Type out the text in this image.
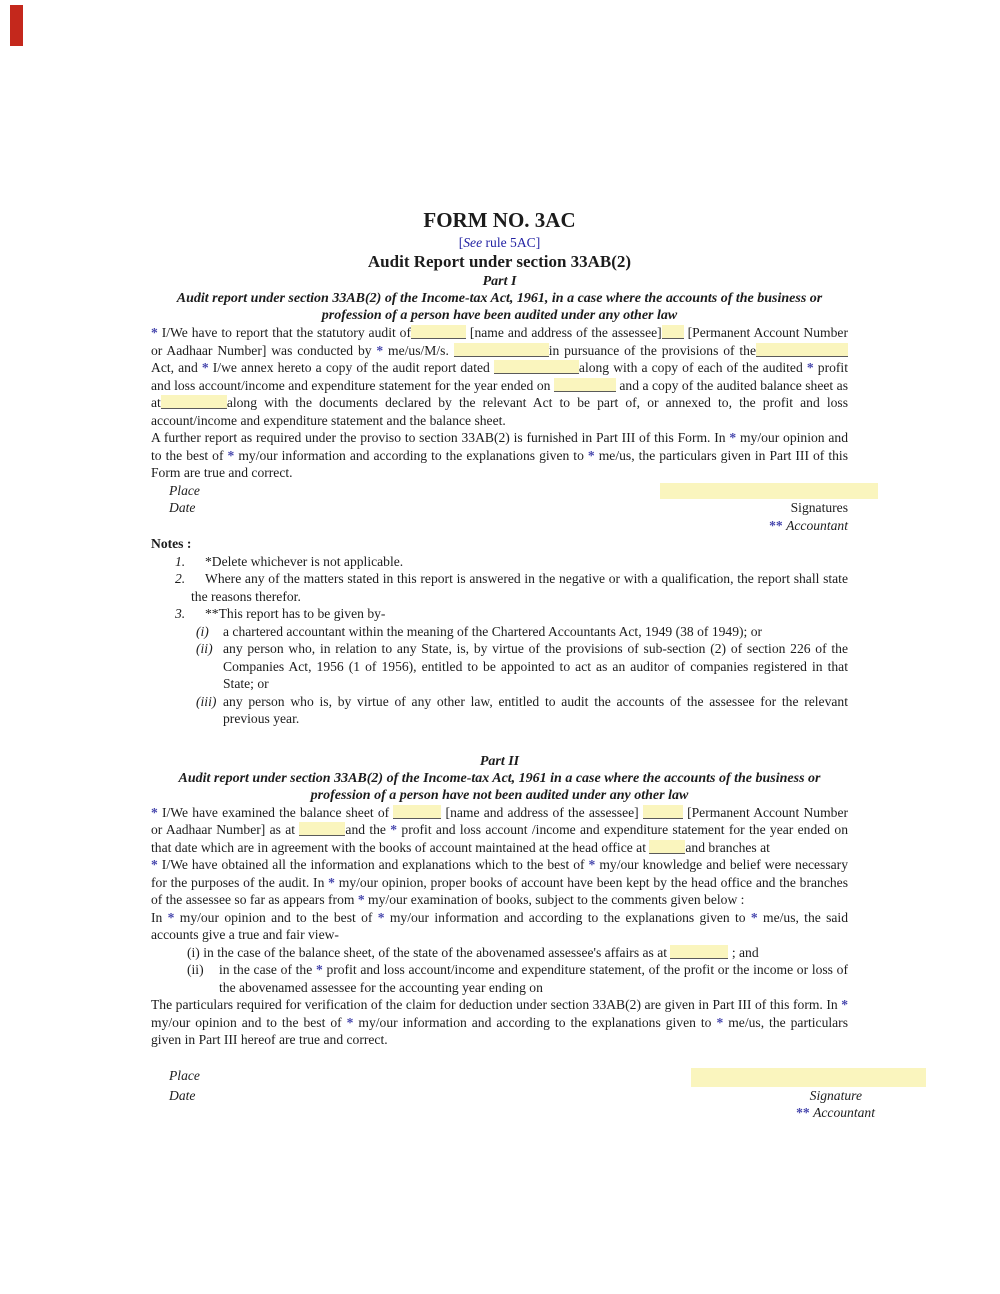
FORM NO. 3AC
[See rule 5AC]
Audit Report under section 33AB(2)
Part I
Audit report under section 33AB(2) of the Income-tax Act, 1961, in a case where the accounts of the business or profession of a person have been audited under any other law

* I/We have to report that the statutory audit of	[name and address of the assessee] [Permanent Account Number or Aadhaar Number] was conducted by * me/us/M/s.	in pursuance of the provisions of theAct, and * I/we annex hereto a copy of the audit report dated	along with a copy of each of the audited * profit and loss account/income and expenditure statement for the year ended on	and a copy of the audited balance sheet as at	along with the documents declared by the relevant Act to be part of, or annexed to, the profit and loss account/income and expenditure statement and the balance sheet.

A further report as required under the proviso to section 33AB(2) is furnished in Part III of this Form. In * my/our opinion and to the best of * my/our information and according to the explanations given to * me/us, the particulars given in Part III of this Form are true and correct.

Place
Date	Signatures
** Accountant
Notes :
1. *Delete whichever is not applicable.
2. Where any of the matters stated in this report is answered in the negative or with a qualification, the report shall state the reasons therefor.
3. **This report has to be given by-
(i) a chartered accountant within the meaning of the Chartered Accountants Act, 1949 (38 of 1949); or
(ii) any person who, in relation to any State, is, by virtue of the provisions of sub-section (2) of section 226 of the Companies Act, 1956 (1 of 1956), entitled to be appointed to act as an auditor of companies registered in that State; or
(iii) any person who is, by virtue of any other law, entitled to audit the accounts of the assessee for the relevant previous year.
Part II
Audit report under section 33AB(2) of the Income-tax Act, 1961 in a case where the accounts of the business or profession of a person have not been audited under any other law

* I/We have examined the balance sheet of	[name and address of the assessee]	[Permanent Account Number or Aadhaar Number] as at	and the * profit and loss account /income and expenditure statement for the year ended on that date which are in agreement with the books of account maintained at the head office at	and branches at

* I/We have obtained all the information and explanations which to the best of * my/our knowledge and belief were necessary for the purposes of the audit. In * my/our opinion, proper books of account have been kept by the head office and the branches of the assessee so far as appears from * my/our examination of books, subject to the comments given below :

In * my/our opinion and to the best of * my/our information and according to the explanations given to * me/us, the said accounts give a true and fair view-

(i) in the case of the balance sheet, of the state of the abovenamed assessee's affairs as at	; and

(ii) in the case of the * profit and loss account/income and expenditure statement, of the profit or the income or loss of the abovenamed assessee for the accounting year ending on

The particulars required for verification of the claim for deduction under section 33AB(2) are given in Part III of this form. In * my/our opinion and to the best of * my/our information and according to the explanations given to * me/us, the particulars given in Part III hereof are true and correct.

Place
Date	Signature
** Accountant
